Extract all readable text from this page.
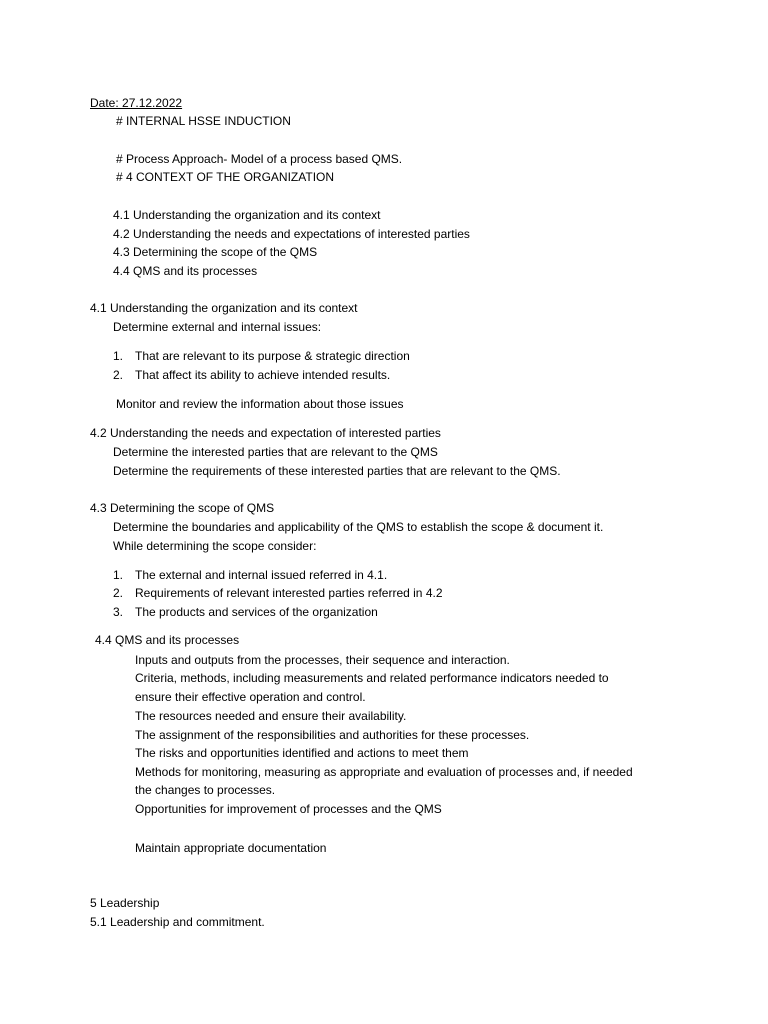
Date: 27.12.2022
# INTERNAL HSSE INDUCTION
# Process Approach- Model of a process based QMS.
# 4 CONTEXT OF THE ORGANIZATION
4.1 Understanding the organization and its context
4.2 Understanding the needs and expectations of interested parties
4.3 Determining the scope of the QMS
4.4 QMS and its processes
4.1 Understanding the organization and its context
Determine external and internal issues:
1. That are relevant to its purpose & strategic direction
2. That affect its ability to achieve intended results.
Monitor and review the information about those issues
4.2 Understanding the needs and expectation of interested parties
Determine the interested parties that are relevant to the QMS
Determine the requirements of these interested parties that are relevant to the QMS.
4.3 Determining the scope of QMS
Determine the boundaries and applicability of the QMS to establish the scope & document it.
While determining the scope consider:
1. The external and internal issued referred in 4.1.
2. Requirements of relevant interested parties referred in 4.2
3. The products and services of the organization
4.4 QMS and its processes
Inputs and outputs from the processes, their sequence and interaction.
Criteria, methods, including measurements and related performance indicators needed to
ensure their effective operation and control.
The resources needed and ensure their availability.
The assignment of the responsibilities and authorities for these processes.
The risks and opportunities identified and actions to meet them
Methods for monitoring, measuring as appropriate and evaluation of processes and, if needed
the changes to processes.
Opportunities for improvement of processes and the QMS
Maintain appropriate documentation
5 Leadership
5.1 Leadership and commitment.
